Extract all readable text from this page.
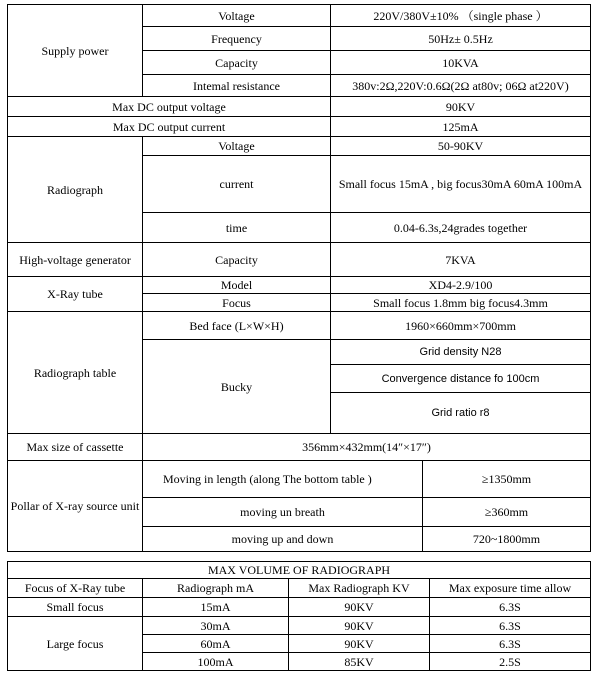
Supply power	Voltage	220V/380V±10% （single phase ）	
	Frequency	50Hz± 0.5Hz	
	Capacity	10KVA	
	Intemal resistance	380v:2Ω,220V:0.6Ω(2Ω at80v; 06Ω at220V)	
Max DC output voltage		90KV	
Max DC output current		125mA	
Radiograph	Voltage	50-90KV	
	current	Small focus 15mA , big focus30mA 60mA 100mA	
	time	0.04-6.3s,24grades together	
High-voltage generator	Capacity	7KVA	
X-Ray tube	Model	XD4-2.9/100	
	Focus	Small focus 1.8mm big focus4.3mm	
Radiograph table	Bed face (L×W×H)	1960×660mm×700mm	
	Bucky	Grid density N28	
		Convergence distance fo 100cm	
		Grid ratio r8	
Max size of cassette	356mm×432mm(14″×17″)		
Pollar of X-ray source unit	Moving in length (along The bottom table )		≥1350mm
	moving un breath		≥360mm
	moving up and down		720~1800mm
MAX VOLUME OF RADIOGRAPH			
Focus of X-Ray tube	Radiograph mA	Max Radiograph KV	Max exposure time allow
Small focus	15mA	90KV	6.3S
Large focus	30mA	90KV	6.3S
	60mA	90KV	6.3S
	100mA	85KV	2.5S
